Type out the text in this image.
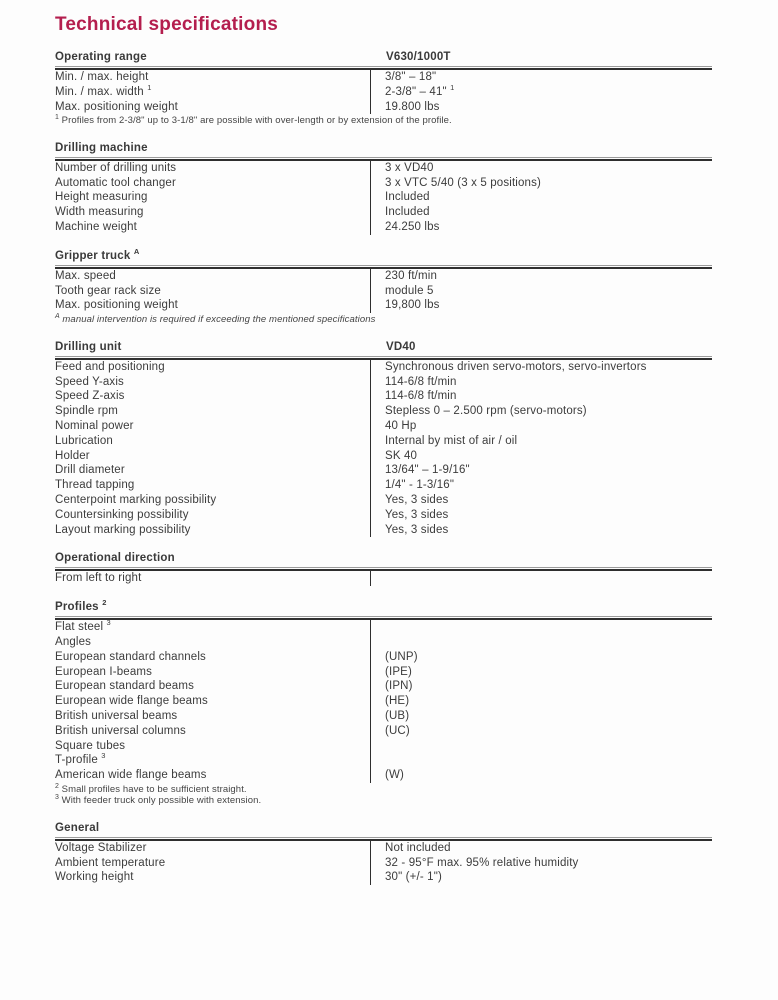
Technical specifications
Operating range	V630/1000T
Min. / max. height	3/8" – 18"
Min. / max. width $^1$	2-3/8" – 41" $^1$
Max. positioning weight	19.800 lbs
$^1$ Profiles from 2-3/8" up to 3-1/8" are possible with over-length or by extension of the profile.
Drilling machine
Number of drilling units	3 x VD40
Automatic tool changer	3 x VTC 5/40 (3 x 5 positions)
Height measuring	Included
Width measuring	Included
Machine weight	24.250 lbs
Gripper truck $^A$
Max. speed	230 ft/min
Tooth gear rack size	module 5
Max. positioning weight	19,800 lbs
$^A$ manual intervention is required if exceeding the mentioned specifications
Drilling unit	VD40
Feed and positioning	Synchronous driven servo-motors, servo-invertors
Speed Y-axis	114-6/8 ft/min
Speed Z-axis	114-6/8 ft/min
Spindle rpm	Stepless 0 – 2.500 rpm (servo-motors)
Nominal power	40 Hp
Lubrication	Internal by mist of air / oil
Holder	SK 40
Drill diameter	13/64" – 1-9/16"
Thread tapping	1/4" - 1-3/16"
Centerpoint marking possibility	Yes, 3 sides
Countersinking possibility	Yes, 3 sides
Layout marking possibility	Yes, 3 sides
Operational direction
From left to right
Profiles $^2$
Flat steel $^3$
Angles
European standard channels	(UNP)
European I-beams	(IPE)
European standard beams	(IPN)
European wide flange beams	(HE)
British universal beams	(UB)
British universal columns	(UC)
Square tubes
T-profile $^3$
American wide flange beams	(W)
$^2$ Small profiles have to be sufficient straight.
$^3$ With feeder truck only possible with extension.
General
Voltage Stabilizer	Not included
Ambient temperature	32 - 95°F max. 95% relative humidity
Working height	30" (+/- 1")
